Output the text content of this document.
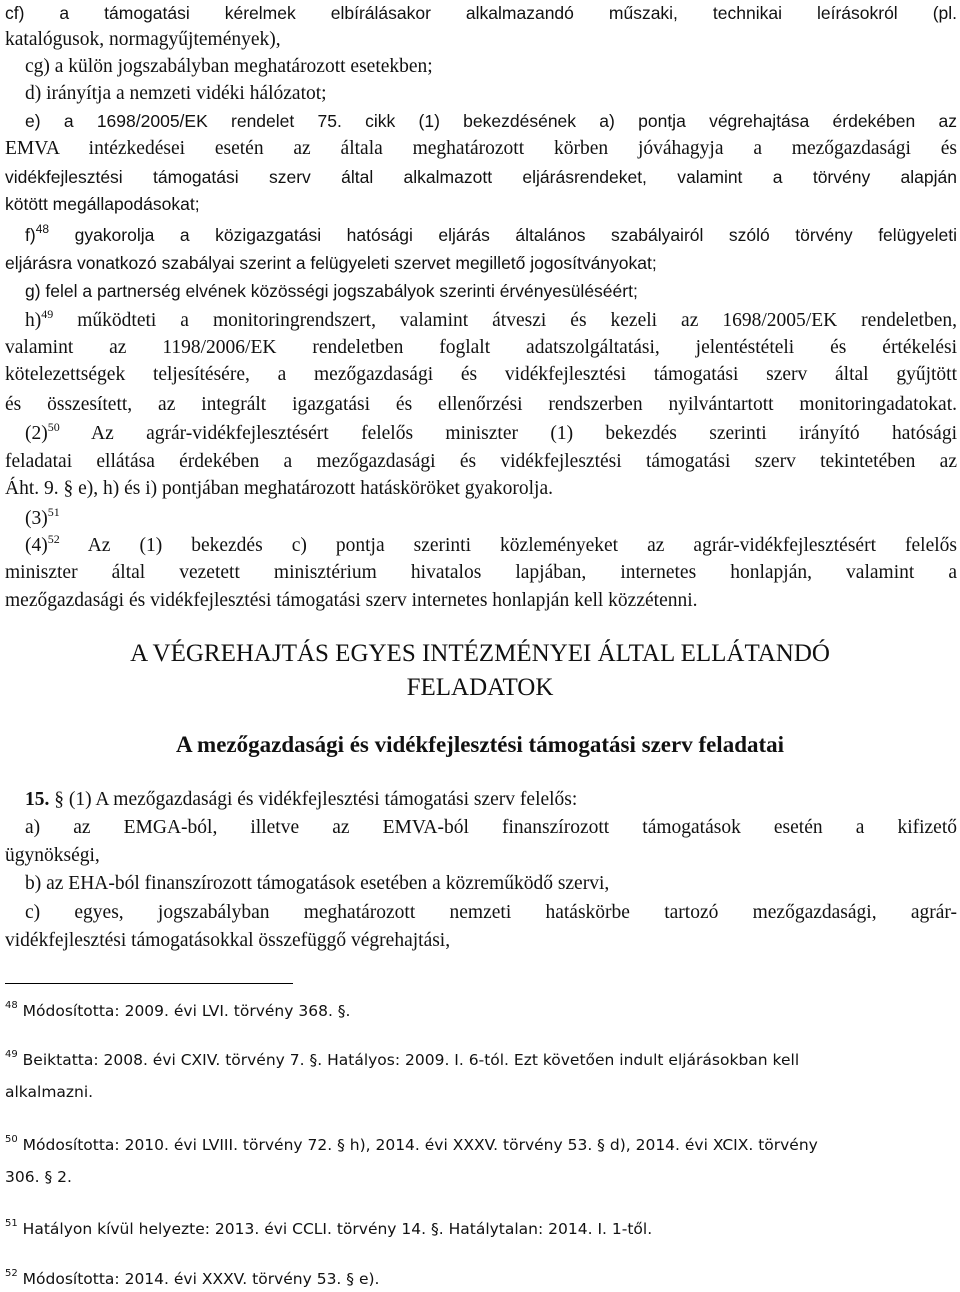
cf) a támogatási kérelmek elbírálásakor alkalmazandó műszaki, technikai leírásokról (pl.
katalógusok, normagyűjtemények),
cg) a külön jogszabályban meghatározott esetekben;
d) irányítja a nemzeti vidéki hálózatot;
e) a 1698/2005/EK rendelet 75. cikk (1) bekezdésének a) pontja végrehajtása érdekében az
EMVA intézkedései esetén az általa meghatározott körben jóváhagyja a mezőgazdasági és
vidékfejlesztési támogatási szerv által alkalmazott eljárásrendeket, valamint a törvény alapján
kötött megállapodásokat;
f)$^{48}$ gyakorolja a közigazgatási hatósági eljárás általános szabályairól szóló törvény felügyeleti
eljárásra vonatkozó szabályai szerint a felügyeleti szervet megillető jogosítványokat;
g) felel a partnerség elvének közösségi jogszabályok szerinti érvényesüléséért;
h)$^{49}$ működteti a monitoringrendszert, valamint átveszi és kezeli az 1698/2005/EK rendeletben,
valamint az 1198/2006/EK rendeletben foglalt adatszolgáltatási, jelentéstételi és értékelési
kötelezettségek teljesítésére, a mezőgazdasági és vidékfejlesztési támogatási szerv által gyűjtött
és összesített, az integrált igazgatási és ellenőrzési rendszerben nyilvántartott monitoringadatokat.
$(2)^{50}$ Az agrár-vidékfejlesztésért felelős miniszter (1) bekezdés szerinti irányító hatósági
feladatai ellátása érdekében a mezőgazdasági és vidékfejlesztési támogatási szerv tekintetében az
Áht. 9. § e), h) és i) pontjában meghatározott hatásköröket gyakorolja.
$(3)^{51}$
$(4)^{52}$ Az (1) bekezdés c) pontja szerinti közleményeket az agrár-vidékfejlesztésért felelős
miniszter által vezetett minisztérium hivatalos lapjában, internetes honlapján, valamint a
mezőgazdasági és vidékfejlesztési támogatási szerv internetes honlapján kell közzétenni.
A VÉGREHAJTÁS EGYES INTÉZMÉNYEI ÁLTAL ELLÁTANDÓ
FELADATOK
A mezőgazdasági és vidékfejlesztési támogatási szerv feladatai
15. § (1) A mezőgazdasági és vidékfejlesztési támogatási szerv felelős:
a) az EMGA-ból, illetve az EMVA-ból finanszírozott támogatások esetén a kifizető
ügynökségi,
b) az EHA-ból finanszírozott támogatások esetében a közreműködő szervi,
c) egyes, jogszabályban meghatározott nemzeti hatáskörbe tartozó mezőgazdasági, agrár-
vidékfejlesztési támogatásokkal összefüggő végrehajtási,
$^{48}$ Módosította: 2009. évi LVI. törvény 368. §.
$^{49}$ Beiktatta: 2008. évi CXIV. törvény 7. §. Hatályos: 2009. I. 6-tól. Ezt követően indult eljárásokban kell
alkalmazni.
$^{50}$ Módosította: 2010. évi LVIII. törvény 72. § h), 2014. évi XXXV. törvény 53. § d), 2014. évi XCIX. törvény
306. § 2.
$^{51}$ Hatályon kívül helyezte: 2013. évi CCLI. törvény 14. §. Hatálytalan: 2014. I. 1-től.
$^{52}$ Módosította: 2014. évi XXXV. törvény 53. § e).
